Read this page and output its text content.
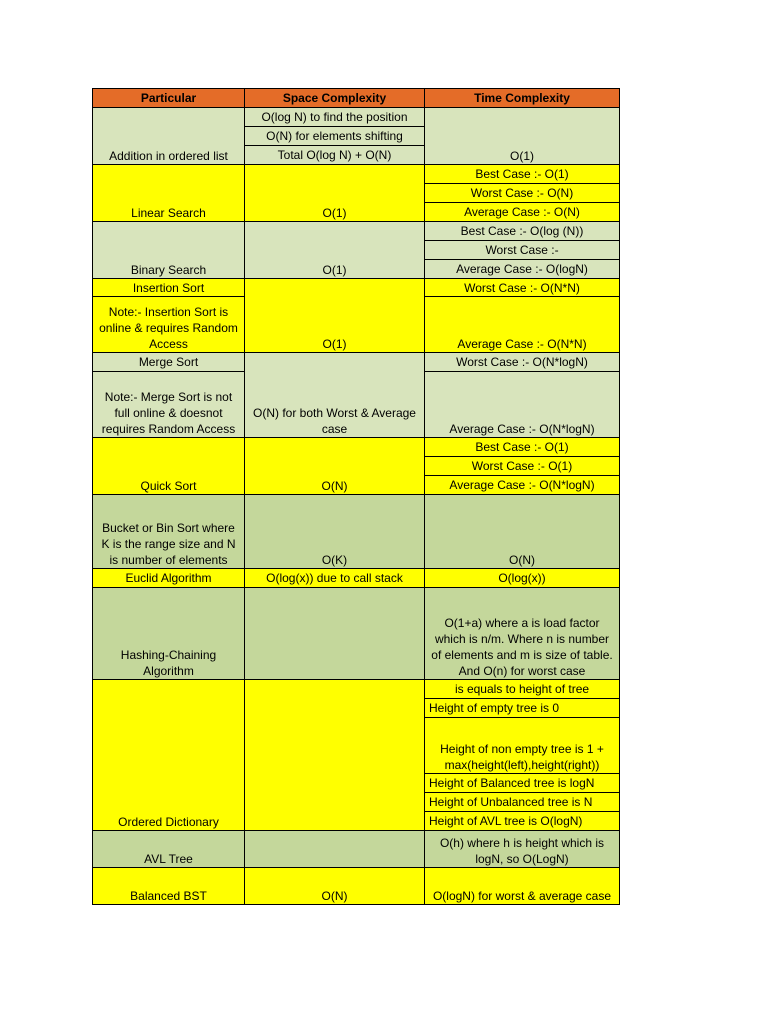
Particular	Space Complexity	Time Complexity
Addition in ordered list	O(log N) to find the position	O(1)
	O(N) for elements shifting	
	Total O(log N) + O(N)	
Linear Search	O(1)	Best Case :- O(1)
		Worst Case :- O(N)
		Average Case :- O(N)
Binary Search	O(1)	Best Case :- O(log (N))
		Worst Case :-
		Average Case :- O(logN)
Insertion Sort	O(1)	Worst Case :- O(N*N)
Note:- Insertion Sort is online & requires Random Access		Average Case :- O(N*N)
Merge Sort	O(N) for both Worst & Average case	Worst Case :- O(N*logN)
Note:- Merge Sort is not full online & doesnot requires Random Access		Average Case :- O(N*logN)
Quick Sort	O(N)	Best Case :- O(1)
		Worst Case :- O(1)
		Average Case :- O(N*logN)
Bucket or Bin Sort where K is the range size and N is number of elements	O(K)	O(N)
Euclid Algorithm	O(log(x)) due to call stack	O(log(x))
Hashing-Chaining Algorithm		O(1+a) where a is load factor which is n/m. Where n is number of elements and m is size of table. And O(n) for worst case
Ordered Dictionary		is equals to height of tree
		Height of empty tree is 0
		Height of non empty tree is 1 + max(height(left),height(right))
		Height of Balanced tree is logN
		Height of Unbalanced tree is N
		Height of AVL tree is O(logN)
AVL Tree		O(h) where h is height which is logN, so O(LogN)
Balanced BST	O(N)	O(logN) for worst & average case
